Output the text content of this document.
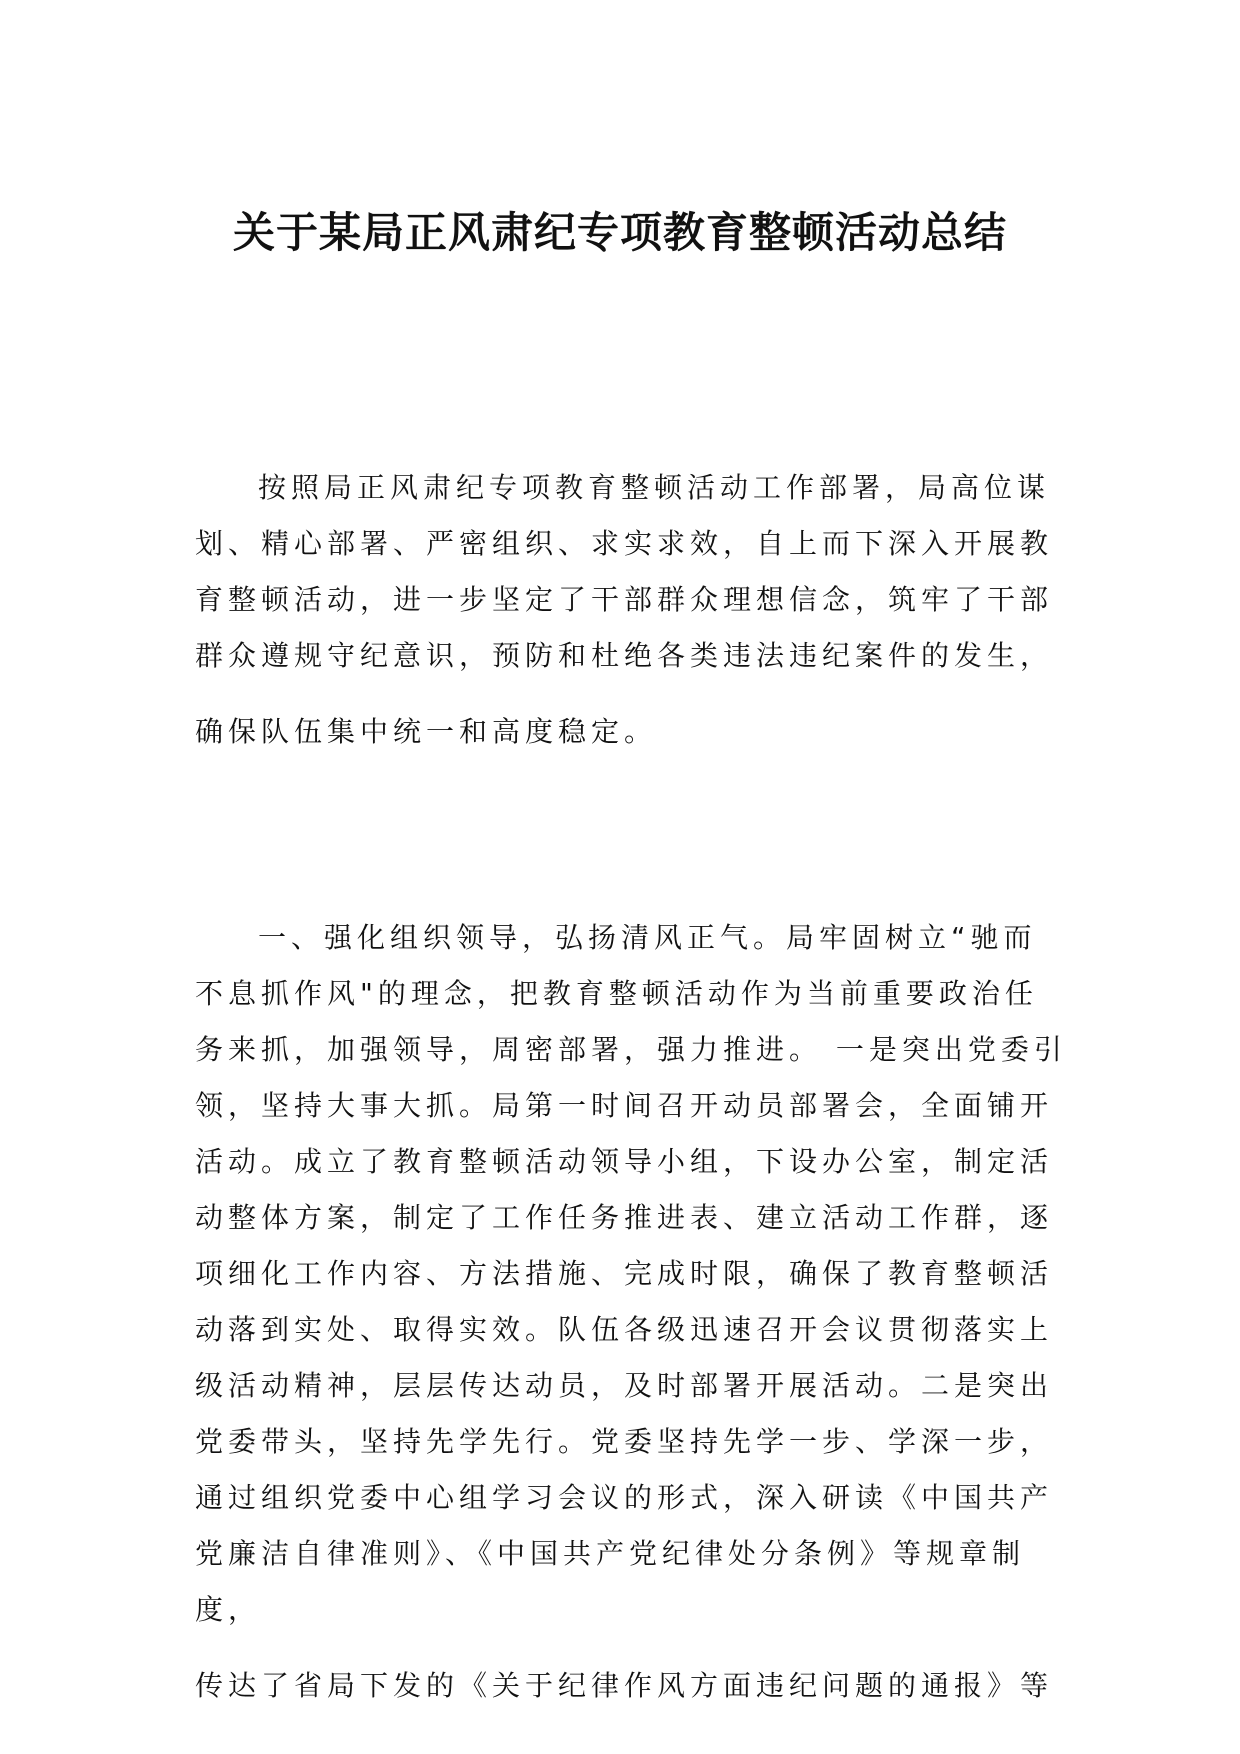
关于某局正风肃纪专项教育整顿活动总结
按照局正风肃纪专项教育整顿活动工作部署，局高位谋
划、精心部署、严密组织、求实求效，自上而下深入开展教
育整顿活动，进一步坚定了干部群众理想信念，筑牢了干部
群众遵规守纪意识，预防和杜绝各类违法违纪案件的发生，
确保队伍集中统一和高度稳定。
一、强化组织领导，弘扬清风正气。局牢固树立“驰而
不息抓作风"的理念，把教育整顿活动作为当前重要政治任
务来抓，加强领导，周密部署，强力推进。 一是突出党委引
领，坚持大事大抓。局第一时间召开动员部署会，全面铺开
活动。成立了教育整顿活动领导小组，下设办公室，制定活
动整体方案，制定了工作任务推进表、建立活动工作群，逐
项细化工作内容、方法措施、完成时限，确保了教育整顿活
动落到实处、取得实效。队伍各级迅速召开会议贯彻落实上
级活动精神，层层传达动员，及时部署开展活动。二是突出
党委带头，坚持先学先行。党委坚持先学一步、学深一步，
通过组织党委中心组学习会议的形式，深入研读《中国共产
党廉洁自律准则》、《中国共产党纪律处分条例》等规章制
度，
传达了省局下发的《关于纪律作风方面违纪问题的通报》等
